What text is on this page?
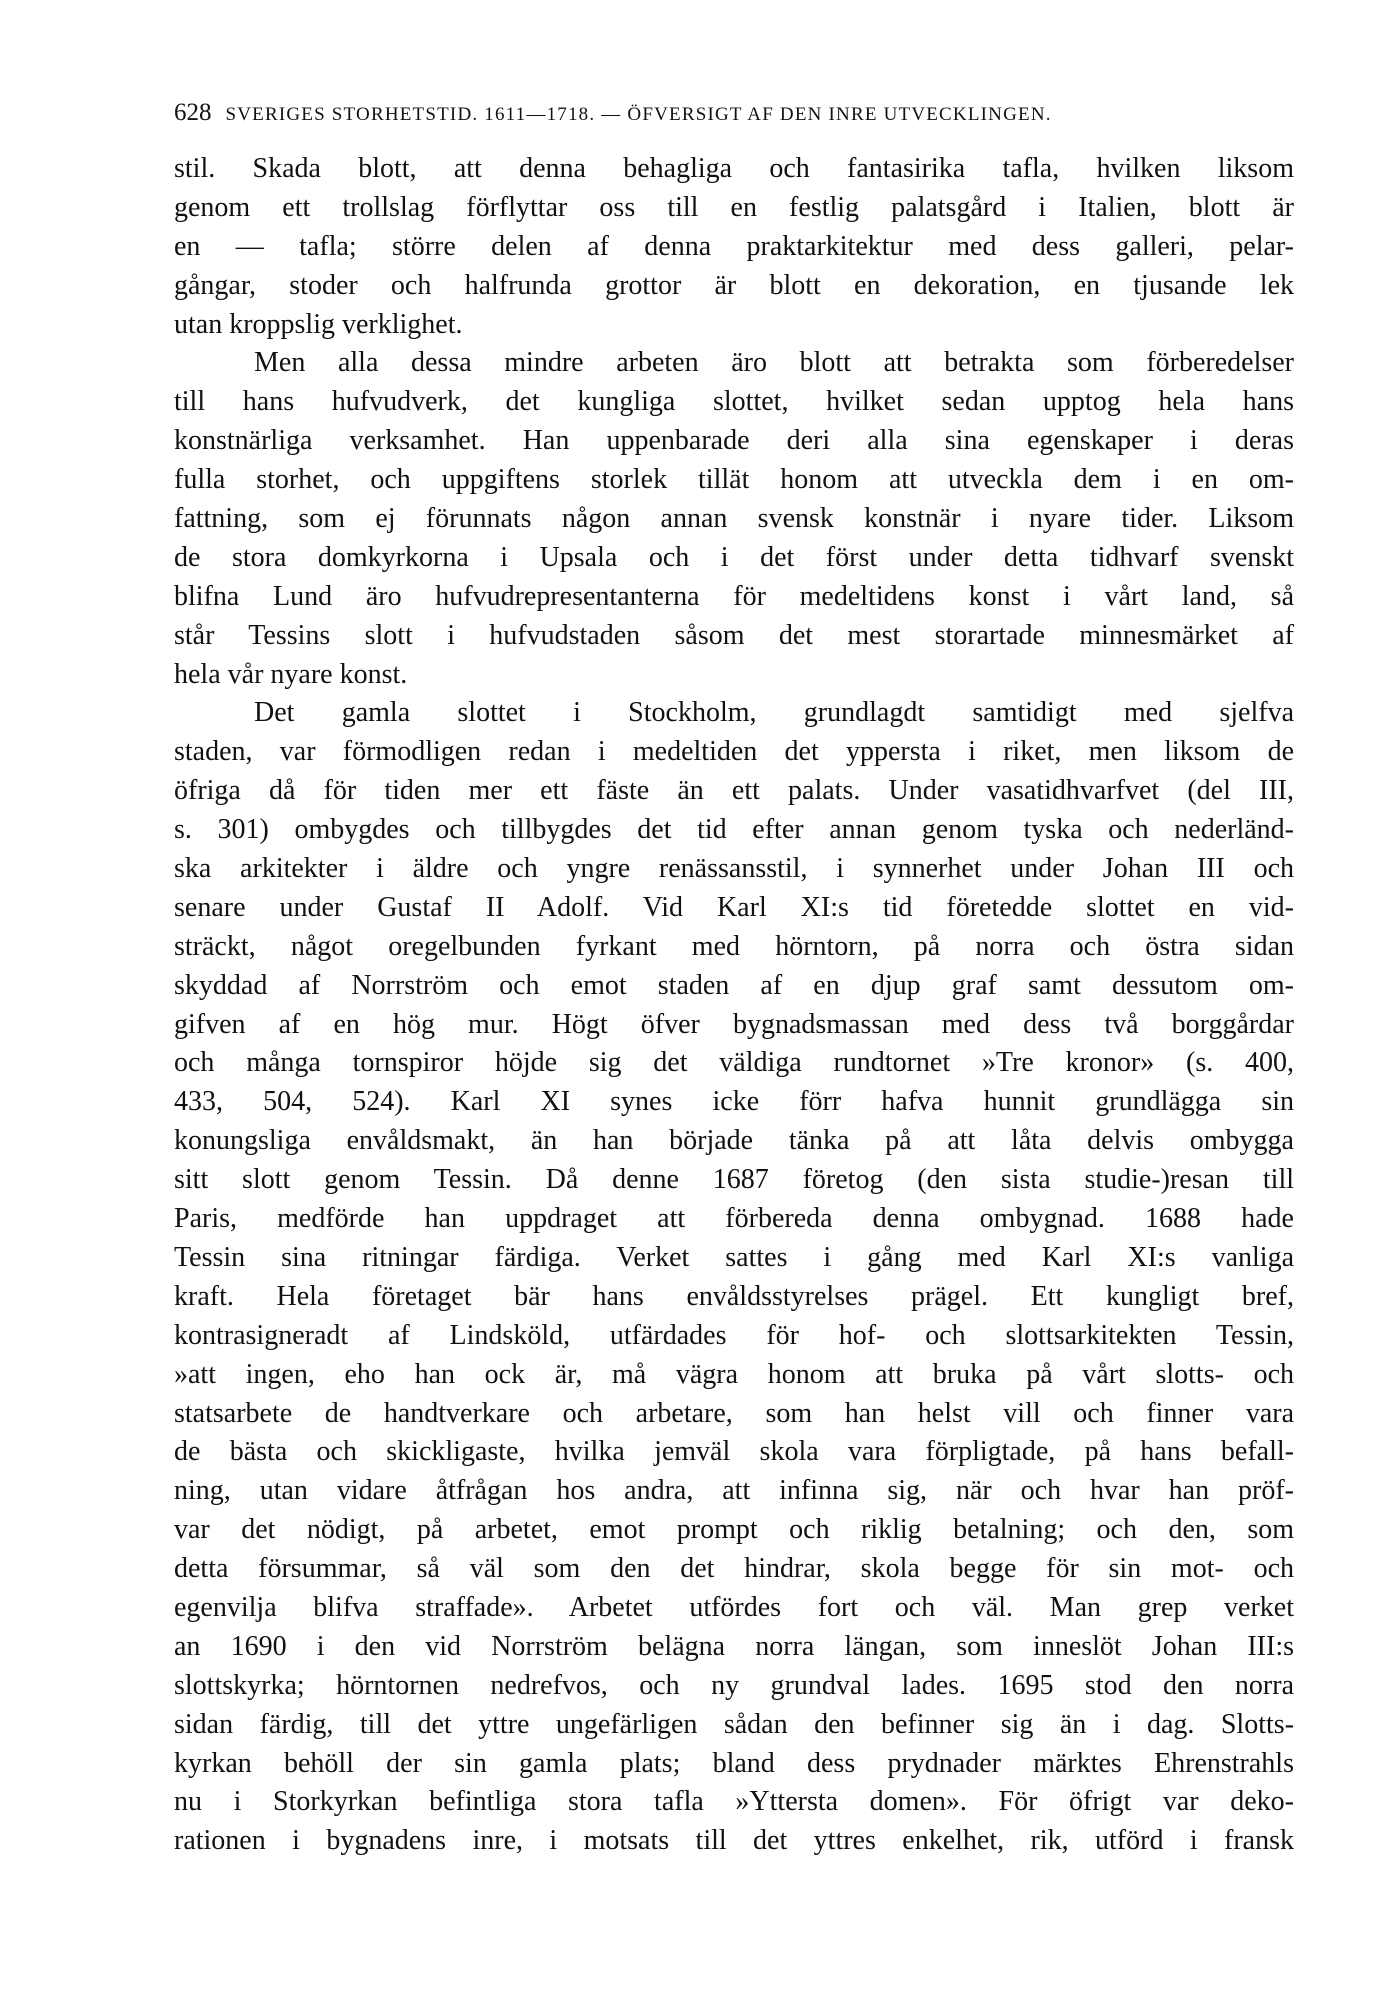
628 SVERIGES STORHETSTID. 1611—1718. — ÖFVERSIGT AF DEN INRE UTVECKLINGEN.
stil. Skada blott, att denna behagliga och fantasirika tafla, hvilken liksom
genom ett trollslag förflyttar oss till en festlig palatsgård i Italien, blott är
en — tafla; större delen af denna praktarkitektur med dess galleri, pelar-
gångar, stoder och halfrunda grottor är blott en dekoration, en tjusande lek
utan kroppslig verklighet.
Men alla dessa mindre arbeten äro blott att betrakta som förberedelser
till hans hufvudverk, det kungliga slottet, hvilket sedan upptog hela hans
konstnärliga verksamhet. Han uppenbarade deri alla sina egenskaper i deras
fulla storhet, och uppgiftens storlek tillät honom att utveckla dem i en om-
fattning, som ej förunnats någon annan svensk konstnär i nyare tider. Liksom
de stora domkyrkorna i Upsala och i det först under detta tidhvarf svenskt
blifna Lund äro hufvudrepresentanterna för medeltidens konst i vårt land, så
står Tessins slott i hufvudstaden såsom det mest storartade minnesmärket af
hela vår nyare konst.
Det gamla slottet i Stockholm, grundlagdt samtidigt med sjelfva
staden, var förmodligen redan i medeltiden det yppersta i riket, men liksom de
öfriga då för tiden mer ett fäste än ett palats. Under vasatidhvarfvet (del III,
s. 301) ombygdes och tillbygdes det tid efter annan genom tyska och nederländ-
ska arkitekter i äldre och yngre renässansstil, i synnerhet under Johan III och
senare under Gustaf II Adolf. Vid Karl XI:s tid företedde slottet en vid-
sträckt, något oregelbunden fyrkant med hörntorn, på norra och östra sidan
skyddad af Norrström och emot staden af en djup graf samt dessutom om-
gifven af en hög mur. Högt öfver bygnadsmassan med dess två borggårdar
och många tornspiror höjde sig det väldiga rundtornet »Tre kronor» (s. 400,
433, 504, 524). Karl XI synes icke förr hafva hunnit grundlägga sin
konungsliga envåldsmakt, än han började tänka på att låta delvis ombygga
sitt slott genom Tessin. Då denne 1687 företog (den sista studie-)resan till
Paris, medförde han uppdraget att förbereda denna ombygnad. 1688 hade
Tessin sina ritningar färdiga. Verket sattes i gång med Karl XI:s vanliga
kraft. Hela företaget bär hans envåldsstyrelses prägel. Ett kungligt bref,
kontrasigneradt af Lindsköld, utfärdades för hof- och slottsarkitekten Tessin,
»att ingen, eho han ock är, må vägra honom att bruka på vårt slotts- och
statsarbete de handtverkare och arbetare, som han helst vill och finner vara
de bästa och skickligaste, hvilka jemväl skola vara förpligtade, på hans befall-
ning, utan vidare åtfrågan hos andra, att infinna sig, när och hvar han pröf-
var det nödigt, på arbetet, emot prompt och riklig betalning; och den, som
detta försummar, så väl som den det hindrar, skola begge för sin mot- och
egenvilja blifva straffade». Arbetet utfördes fort och väl. Man grep verket
an 1690 i den vid Norrström belägna norra längan, som inneslöt Johan III:s
slottskyrka; hörntornen nedrefvos, och ny grundval lades. 1695 stod den norra
sidan färdig, till det yttre ungefärligen sådan den befinner sig än i dag. Slotts-
kyrkan behöll der sin gamla plats; bland dess prydnader märktes Ehrenstrahls
nu i Storkyrkan befintliga stora tafla »Yttersta domen». För öfrigt var deko-
rationen i bygnadens inre, i motsats till det yttres enkelhet, rik, utförd i fransk
